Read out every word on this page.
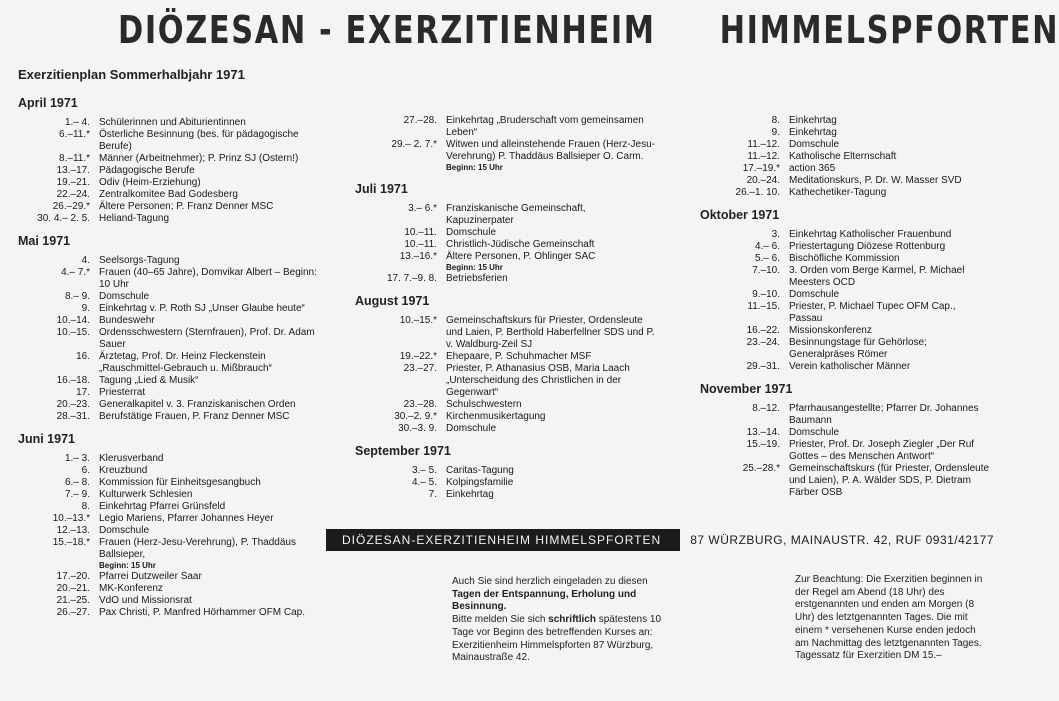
DIÖZESAN - EXERZITIENHEIM HIMMELSPFORTEN
Exerzitienplan Sommerhalbjahr 1971
April 1971
1.– 4. Schülerinnen und Abiturientinnen
6.–11.* Österliche Besinnung (bes. für pädagogische Berufe)
8.–11.* Männer (Arbeitnehmer); P. Prinz SJ (Ostern!)
13.–17. Pädagogische Berufe
19.–21. Odiv (Heim-Erziehung)
22.–24. Zentralkomitee Bad Godesberg
26.–29.* Ältere Personen; P. Franz Denner MSC
30. 4.– 2. 5. Heliand-Tagung
Mai 1971
4. Seelsorgs-Tagung
4.– 7.* Frauen (40–65 Jahre), Domvikar Albert – Beginn: 10 Uhr
8.– 9. Domschule
9. Einkehrtag v. P. Roth SJ „Unser Glaube heute“
10.–14. Bundeswehr
10.–15. Ordensschwestern (Sternfrauen), Prof. Dr. Adam Sauer
16. Ärztetag, Prof. Dr. Heinz Fleckenstein „Rauschmittel-Gebrauch u. Mißbrauch“
16.–18. Tagung „Lied & Musik“
17. Priesterrat
20.–23. Generalkapitel v. 3. Franziskanischen Orden
28.–31. Berufstätige Frauen, P. Franz Denner MSC
Juni 1971
1.– 3. Klerusverband
6. Kreuzbund
6.– 8. Kommission für Einheitsgesangbuch
7.– 9. Kulturwerk Schlesien
8. Einkehrtag Pfarrei Grünsfeld
10.–13.* Legio Mariens, Pfarrer Johannes Heyer
12.–13. Domschule
15.–18.* Frauen (Herz-Jesu-Verehrung), P. Thaddäus Ballsieper,
Beginn: 15 Uhr
17.–20. Pfarrei Dutzweiler Saar
20.–21. MK-Konferenz
21.–25. VdO und Missionsrat
26.–27. Pax Christi, P. Manfred Hörhammer OFM Cap.
27.–28. Einkehrtag „Bruderschaft vom gemeinsamen Leben“
29.– 2. 7.* Witwen und alleinstehende Frauen (Herz-Jesu-Verehrung) P. Thaddäus Ballsieper O. Carm.
Beginn: 15 Uhr
Juli 1971
3.– 6.* Franziskanische Gemeinschaft, Kapuzinerpater
10.–11. Domschule
10.–11. Christlich-Jüdische Gemeinschaft
13.–16.* Ältere Personen, P. Ohlinger SAC
Beginn: 15 Uhr
17. 7.–9. 8. Betriebsferien
August 1971
10.–15.* Gemeinschaftskurs für Priester, Ordensleute und Laien, P. Berthold Haberfellner SDS und P. v. Waldburg-Zeil SJ
19.–22.* Ehepaare, P. Schuhmacher MSF
23.–27. Priester, P. Athanasius OSB, Maria Laach „Unterscheidung des Christlichen in der Gegenwart“
23.–28. Schulschwestern
30.–2. 9.* Kirchenmusikertagung
30.–3. 9. Domschule
September 1971
3.– 5. Caritas-Tagung
4.– 5. Kolpingsfamilie
7. Einkehrtag
8. Einkehrtag
9. Einkehrtag
11.–12. Domschule
11.–12. Katholische Elternschaft
17.–19.* action 365
20.–24. Meditationskurs, P. Dr. W. Masser SVD
26.–1. 10. Kathechetiker-Tagung
Oktober 1971
3. Einkehrtag Katholischer Frauenbund
4.– 6. Priestertagung Diözese Rottenburg
5.– 6. Bischöfliche Kommission
7.–10. 3. Orden vom Berge Karmel, P. Michael Meesters OCD
9.–10. Domschule
11.–15. Priester, P. Michael Tupec OFM Cap., Passau
16.–22. Missionskonferenz
23.–24. Besinnungstage für Gehörlose; Generalpräses Römer
29.–31. Verein katholischer Männer
November 1971
8.–12. Pfarrhausangestellte; Pfarrer Dr. Johannes Baumann
13.–14. Domschule
15.–19. Priester, Prof. Dr. Joseph Ziegler „Der Ruf Gottes – des Menschen Antwort“
25.–28.* Gemeinschaftskurs (für Priester, Ordensleute und Laien), P. A. Wälder SDS, P. Dietram Färber OSB
DIÖZESAN-EXERZITIENHEIM HIMMELSPFORTEN	87 WÜRZBURG, MAINAUSTR. 42, RUF 0931/42177
Auch Sie sind herzlich eingeladen zu diesen Tagen der Entspannung, Erholung und Besinnung.
Bitte melden Sie sich schriftlich spätestens 10 Tage vor Beginn des betreffenden Kurses an: Exerzitienheim Himmelspforten 87 Würzburg, Mainaustraße 42.
Zur Beachtung: Die Exerzitien beginnen in der Regel am Abend (18 Uhr) des erstgenannten und enden am Morgen (8 Uhr) des letztgenannten Tages. Die mit einem * versehenen Kurse enden jedoch am Nachmittag des letztgenannten Tages. Tagessatz für Exerzitien DM 15.–
